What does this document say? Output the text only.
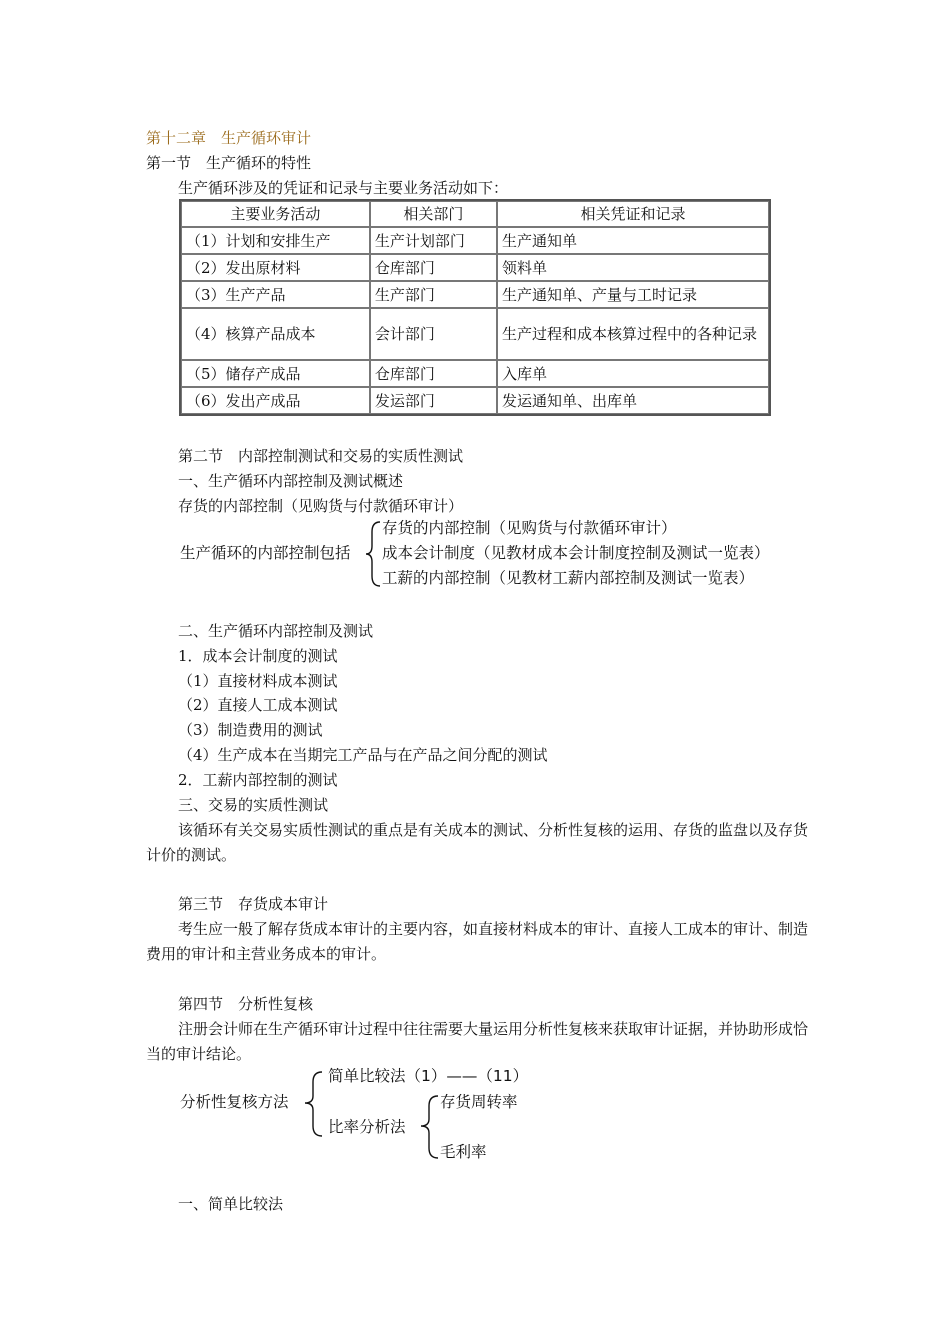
第十二章　生产循环审计
第一节　生产循环的特性
生产循环涉及的凭证和记录与主要业务活动如下：
主要业务活动	相关部门	相关凭证和记录
（1）计划和安排生产	生产计划部门	生产通知单
（2）发出原材料	仓库部门	领料单
（3）生产产品	生产部门	生产通知单、产量与工时记录
（4）核算产品成本	会计部门	生产过程和成本核算过程中的各种记录
（5）储存产成品	仓库部门	入库单
（6）发出产成品	发运部门	发运通知单、出库单
第二节　内部控制测试和交易的实质性测试
一、生产循环内部控制及测试概述
存货的内部控制（见购货与付款循环审计）
生产循环的内部控制包括
存货的内部控制（见购货与付款循环审计）
成本会计制度（见教材成本会计制度控制及测试一览表）
工薪的内部控制（见教材工薪内部控制及测试一览表）
二、生产循环内部控制及测试
1．成本会计制度的测试
（1）直接材料成本测试
（2）直接人工成本测试
（3）制造费用的测试
（4）生产成本在当期完工产品与在产品之间分配的测试
2．工薪内部控制的测试
三、交易的实质性测试
该循环有关交易实质性测试的重点是有关成本的测试、分析性复核的运用、存货的监盘以及存货计价的测试。
第三节　存货成本审计
考生应一般了解存货成本审计的主要内容，如直接材料成本的审计、直接人工成本的审计、制造费用的审计和主营业务成本的审计。
第四节　分析性复核
注册会计师在生产循环审计过程中往往需要大量运用分析性复核来获取审计证据，并协助形成恰当的审计结论。
分析性复核方法
简单比较法（1）——（11）
比率分析法
存货周转率
毛利率
一、简单比较法
